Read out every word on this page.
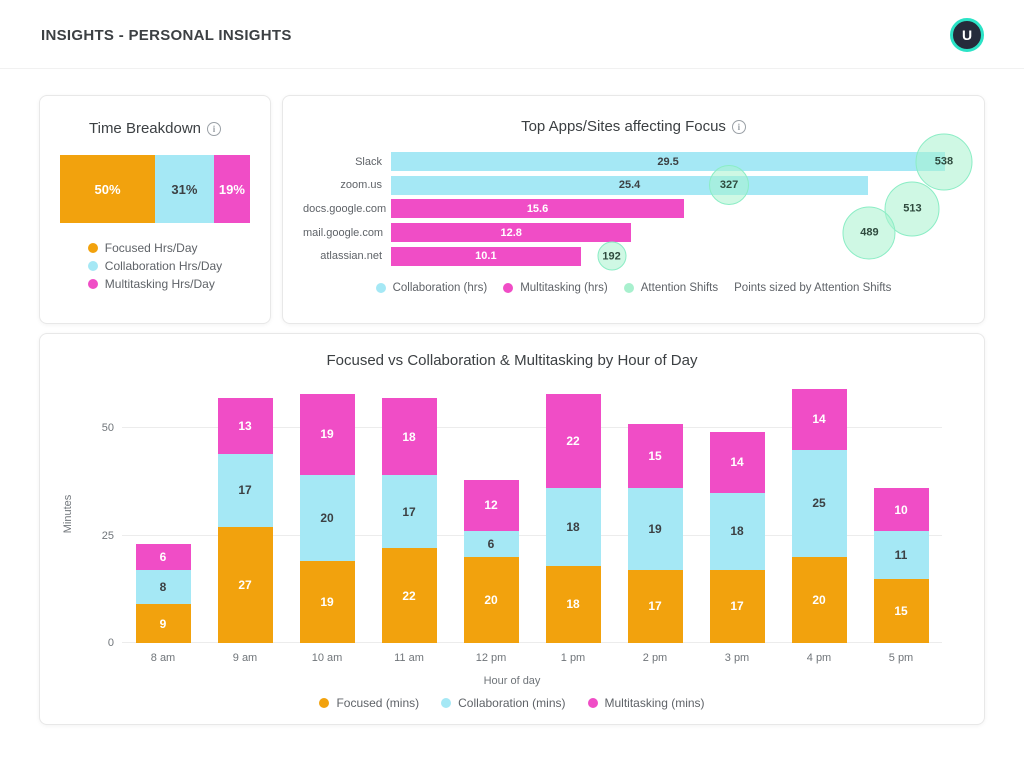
INSIGHTS - PERSONAL INSIGHTS	U
Time Breakdown	i
50%	31% 19%
Focused Hrs/Day
Collaboration Hrs/Day
Multitasking Hrs/Day
Top Apps/Sites affecting Focus	i
Slack	29.5	538
zoom.us	25.4	327
docs.google.com	15.6	513
mail.google.com	12.8	489
atlassian.net	10.1	192
Collaboration (hrs)	Multitasking (hrs)	Attention Shifts Points sized by Attention Shifts
Focused vs Collaboration & Multitasking by Hour of Day
Minutes
0
25
50
9
8
6
8 am
27
17
13
9 am
19
20
19
10 am
22
17
18
11 am
20
6
12
12 pm
18
18
22
1 pm
17
19
15
2 pm
17
18
14
3 pm
20
25
14
4 pm
15
11
10
5 pm
Hour of day
Focused (mins)	Collaboration (mins)	Multitasking (mins)
